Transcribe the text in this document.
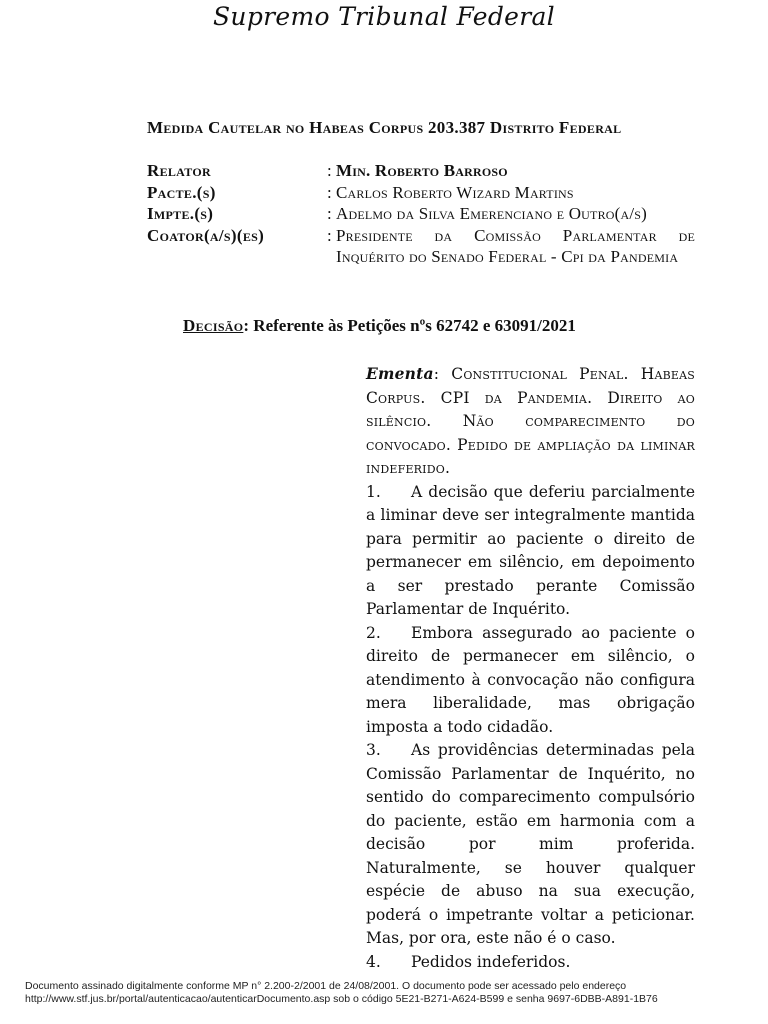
Supremo Tribunal Federal
Medida Cautelar no Habeas Corpus 203.387 Distrito Federal
Relator	: Min. Roberto Barroso
Pacte.(s)	: Carlos Roberto Wizard Martins
Impte.(s)	: Adelmo da Silva Emerenciano e Outro(a/s)
Coator(a/s)(es)	: Presidente da Comissão Parlamentar de Inquérito do Senado Federal - Cpi da Pandemia
Decisão: Referente às Petições nºs 62742 e 63091/2021
Ementa: Constitucional Penal. Habeas Corpus. CPI da Pandemia. Direito ao silêncio. Não comparecimento do convocado. Pedido de ampliação da liminar indeferido.
1. A decisão que deferiu parcialmente a liminar deve ser integralmente mantida para permitir ao paciente o direito de permanecer em silêncio, em depoimento a ser prestado perante Comissão Parlamentar de Inquérito.
2. Embora assegurado ao paciente o direito de permanecer em silêncio, o atendimento à convocação não configura mera liberalidade, mas obrigação imposta a todo cidadão.
3. As providências determinadas pela Comissão Parlamentar de Inquérito, no sentido do comparecimento compulsório do paciente, estão em harmonia com a decisão por mim proferida. Naturalmente, se houver qualquer espécie de abuso na sua execução, poderá o impetrante voltar a peticionar. Mas, por ora, este não é o caso.
4. Pedidos indeferidos.
Documento assinado digitalmente conforme MP n° 2.200-2/2001 de 24/08/2001. O documento pode ser acessado pelo endereço
http://www.stf.jus.br/portal/autenticacao/autenticarDocumento.asp sob o código 5E21-B271-A624-B599 e senha 9697-6DBB-A891-1B76
